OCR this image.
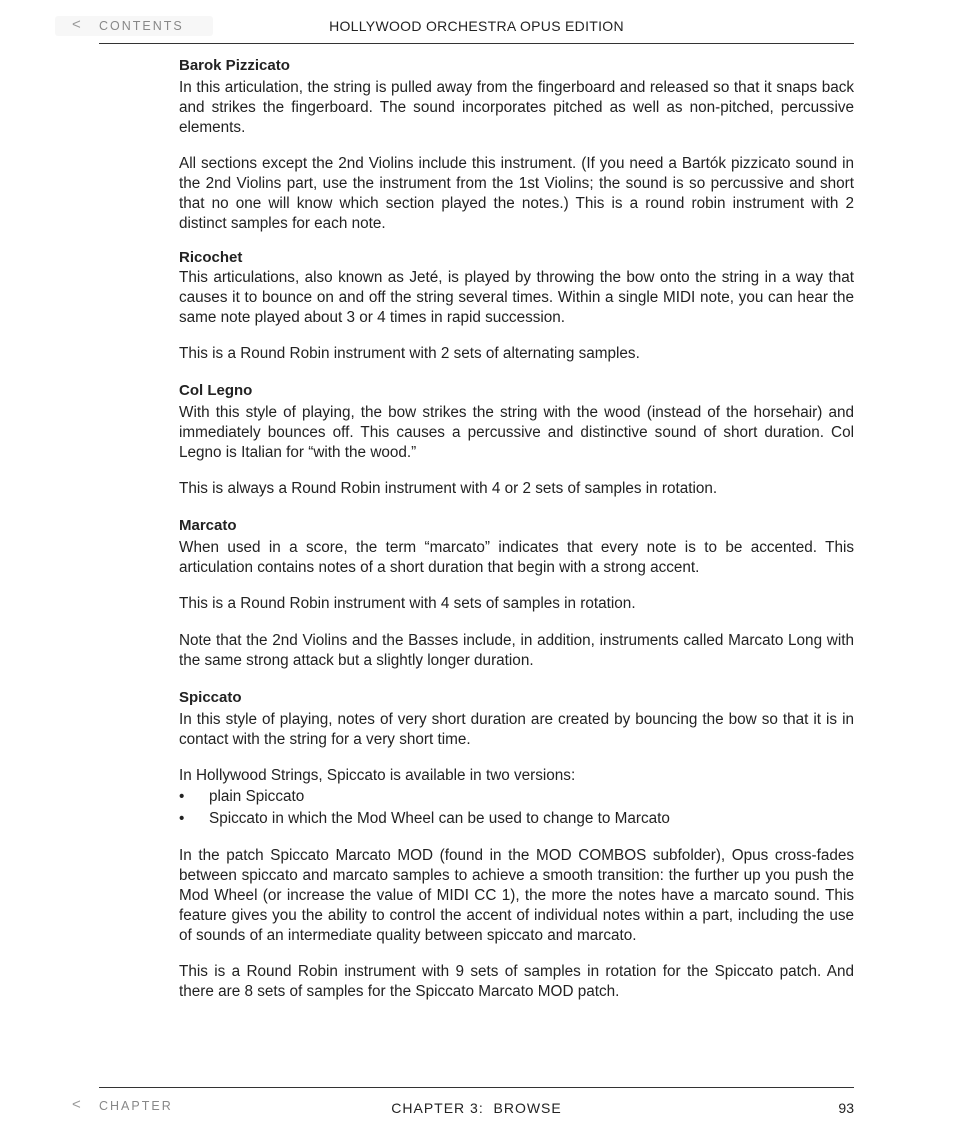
< CONTENTS	HOLLYWOOD ORCHESTRA OPUS EDITION
Barok Pizzicato

In this articulation, the string is pulled away from the fingerboard and released so that it snaps back and strikes the fingerboard. The sound incorporates pitched as well as non-pitched, percussive elements.

All sections except the 2nd Violins include this instrument. (If you need a Bartók pizzicato sound in the 2nd Violins part, use the instrument from the 1st Violins; the sound is so percussive and short that no one will know which section played the notes.) This is a round robin instrument with 2 distinct samples for each note.

Ricochet

This articulations, also known as Jeté, is played by throwing the bow onto the string in a way that causes it to bounce on and off the string several times. Within a single MIDI note, you can hear the same note played about 3 or 4 times in rapid succession.

This is a Round Robin instrument with 2 sets of alternating samples.

Col Legno

With this style of playing, the bow strikes the string with the wood (instead of the horsehair) and immediately bounces off. This causes a percussive and distinctive sound of short duration. Col Legno is Italian for “with the wood.”

This is always a Round Robin instrument with 4 or 2 sets of samples in rotation.

Marcato

When used in a score, the term “marcato” indicates that every note is to be accented. This articulation contains notes of a short duration that begin with a strong accent.

This is a Round Robin instrument with 4 sets of samples in rotation.

Note that the 2nd Violins and the Basses include, in addition, instruments called Marcato Long with the same strong attack but a slightly longer duration.

Spiccato

In this style of playing, notes of very short duration are created by bouncing the bow so that it is in contact with the string for a very short time.

In Hollywood Strings, Spiccato is available in two versions:

• plain Spiccato
• Spiccato in which the Mod Wheel can be used to change to Marcato

In the patch Spiccato Marcato MOD (found in the MOD COMBOS subfolder), Opus cross-fades between spiccato and marcato samples to achieve a smooth transition: the further up you push the Mod Wheel (or increase the value of MIDI CC 1), the more the notes have a marcato sound. This feature gives you the ability to control the accent of individual notes within a part, including the use of sounds of an intermediate quality between spiccato and marcato.

This is a Round Robin instrument with 9 sets of samples in rotation for the Spiccato patch. And there are 8 sets of samples for the Spiccato Marcato MOD patch.

< CHAPTER	CHAPTER 3:  BROWSE	93
